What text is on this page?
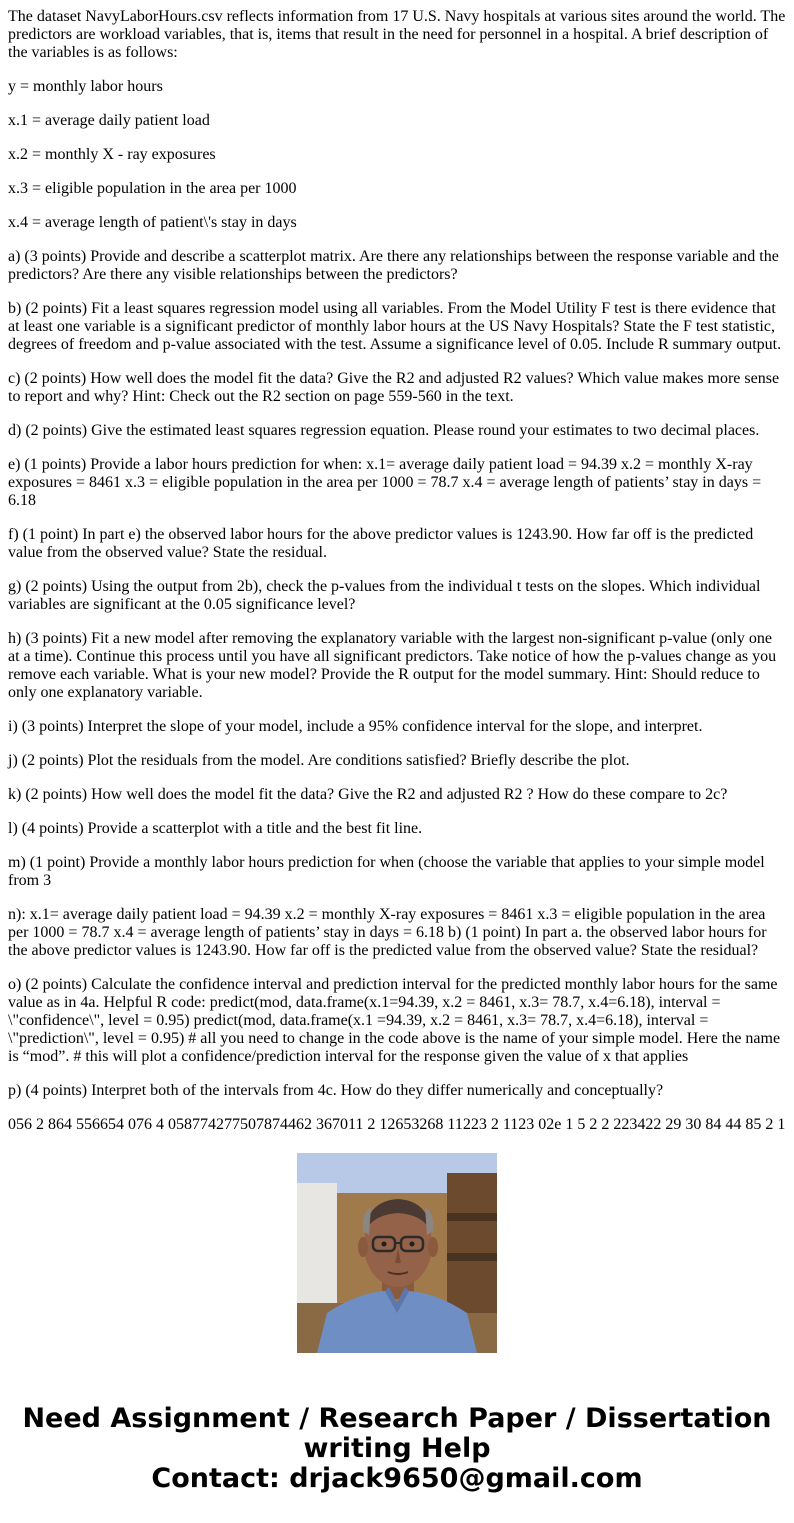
The dataset NavyLaborHours.csv reflects information from 17 U.S. Navy hospitals at various sites around the world. The predictors are workload variables, that is, items that result in the need for personnel in a hospital. A brief description of the variables is as follows:

y = monthly labor hours

x.1 = average daily patient load

x.2 = monthly X - ray exposures

x.3 = eligible population in the area per 1000

x.4 = average length of patient\'s stay in days

a) (3 points) Provide and describe a scatterplot matrix. Are there any relationships between the response variable and the predictors? Are there any visible relationships between the predictors?

b) (2 points) Fit a least squares regression model using all variables. From the Model Utility F test is there evidence that at least one variable is a significant predictor of monthly labor hours at the US Navy Hospitals? State the F test statistic, degrees of freedom and p-value associated with the test. Assume a significance level of 0.05. Include R summary output.

c) (2 points) How well does the model fit the data? Give the R2 and adjusted R2 values? Which value makes more sense to report and why? Hint: Check out the R2 section on page 559-560 in the text.

d) (2 points) Give the estimated least squares regression equation. Please round your estimates to two decimal places.

e) (1 points) Provide a labor hours prediction for when: x.1= average daily patient load = 94.39 x.2 = monthly X-ray exposures = 8461 x.3 = eligible population in the area per 1000 = 78.7 x.4 = average length of patients’ stay in days = 6.18

f) (1 point) In part e) the observed labor hours for the above predictor values is 1243.90. How far off is the predicted value from the observed value? State the residual.

g) (2 points) Using the output from 2b), check the p-values from the individual t tests on the slopes. Which individual variables are significant at the 0.05 significance level?

h) (3 points) Fit a new model after removing the explanatory variable with the largest non-significant p-value (only one at a time). Continue this process until you have all significant predictors. Take notice of how the p-values change as you remove each variable. What is your new model? Provide the R output for the model summary. Hint: Should reduce to only one explanatory variable.

i) (3 points) Interpret the slope of your model, include a 95% confidence interval for the slope, and interpret.

j) (2 points) Plot the residuals from the model. Are conditions satisfied? Briefly describe the plot.

k) (2 points) How well does the model fit the data? Give the R2 and adjusted R2 ? How do these compare to 2c?

l) (4 points) Provide a scatterplot with a title and the best fit line.

m) (1 point) Provide a monthly labor hours prediction for when (choose the variable that applies to your simple model from 3

n): x.1= average daily patient load = 94.39 x.2 = monthly X-ray exposures = 8461 x.3 = eligible population in the area per 1000 = 78.7 x.4 = average length of patients’ stay in days = 6.18 b) (1 point) In part a. the observed labor hours for the above predictor values is 1243.90. How far off is the predicted value from the observed value? State the residual?

o) (2 points) Calculate the confidence interval and prediction interval for the predicted monthly labor hours for the same value as in 4a. Helpful R code: predict(mod, data.frame(x.1=94.39, x.2 = 8461, x.3= 78.7, x.4=6.18), interval = \"confidence\", level = 0.95) predict(mod, data.frame(x.1 =94.39, x.2 = 8461, x.3= 78.7, x.4=6.18), interval = \"prediction\", level = 0.95) # all you need to change in the code above is the name of your simple model. Here the name is “mod”. # this will plot a confidence/prediction interval for the response given the value of x that applies

p) (4 points) Interpret both of the intervals from 4c. How do they differ numerically and conceptually?

056 2 864 556654 076 4 058774277507874462 367011 2 12653268 11223 2 1123 02e 1 5 2 2 223422 29 30 84 44 85 2 1

Need Assignment / Research Paper / Dissertation
writing Help
Contact: drjack9650@gmail.com
